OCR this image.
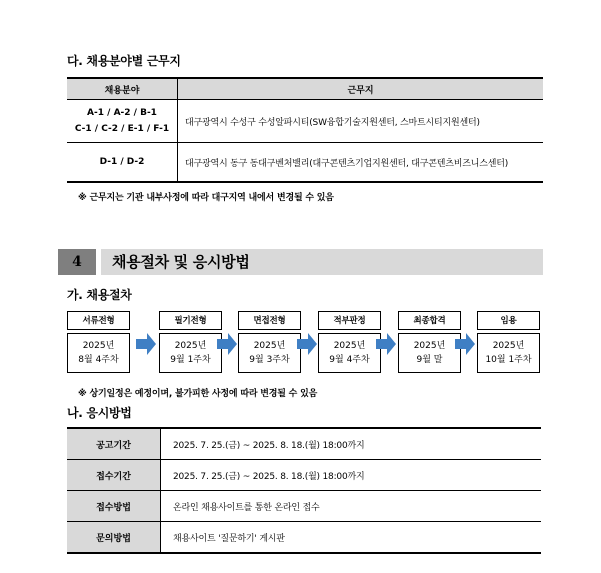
다. 채용분야별 근무지
채용분야	근무지

A-1 / A-2 / B-1
C-1 / C-2 / E-1 / F-1	대구광역시 수성구 수성알파시티(SW융합기술지원센터, 스마트시티지원센터)
D-1 / D-2	대구광역시 동구 동대구벤처밸리(대구콘텐츠기업지원센터, 대구콘텐츠비즈니스센터)
※ 근무지는 기관 내부사정에 따라 대구지역 내에서 변경될 수 있음
4	채용절차 및 응시방법
가. 채용절차
서류전형
2025년
8월 4주차
필기전형
2025년
9월 1주차
면접전형
2025년
9월 3주차
적부판정
2025년
9월 4주차
최종합격
2025년
9월 말
임용
2025년
10월 1주차
※ 상기일정은 예정이며, 불가피한 사정에 따라 변경될 수 있음
나. 응시방법
공고기간	2025. 7. 25.(금) ~ 2025. 8. 18.(월) 18:00까지
접수기간	2025. 7. 25.(금) ~ 2025. 8. 18.(월) 18:00까지
접수방법	온라인 채용사이트를 통한 온라인 접수
문의방법	채용사이트 '질문하기' 게시판
